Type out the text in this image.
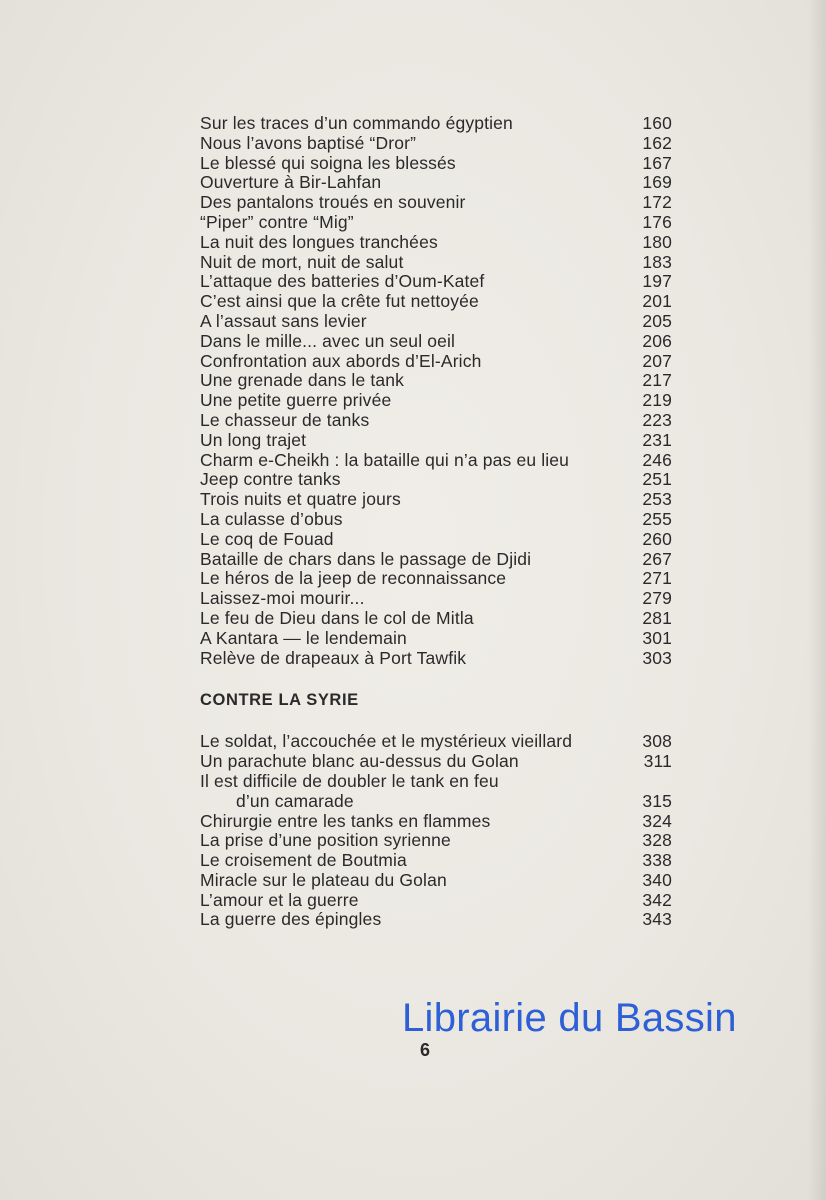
Sur les traces d’un commando égyptien	160
Nous l’avons baptisé “Dror”	162
Le blessé qui soigna les blessés	167
Ouverture à Bir-Lahfan	169
Des pantalons troués en souvenir	172
“Piper” contre “Mig”	176
La nuit des longues tranchées	180
Nuit de mort, nuit de salut	183
L’attaque des batteries d’Oum-Katef	197
C’est ainsi que la crête fut nettoyée	201
A l’assaut sans levier	205
Dans le mille... avec un seul oeil	206
Confrontation aux abords d’El-Arich	207
Une grenade dans le tank	217
Une petite guerre privée	219
Le chasseur de tanks	223
Un long trajet	231
Charm e-Cheikh : la bataille qui n’a pas eu lieu	246
Jeep contre tanks	251
Trois nuits et quatre jours	253
La culasse d’obus	255
Le coq de Fouad	260
Bataille de chars dans le passage de Djidi	267
Le héros de la jeep de reconnaissance	271
Laissez-moi mourir...	279
Le feu de Dieu dans le col de Mitla	281
A Kantara — le lendemain	301
Relève de drapeaux à Port Tawfik	303
CONTRE LA SYRIE
Le soldat, l’accouchée et le mystérieux vieillard	308
Un parachute blanc au-dessus du Golan	311
Il est difficile de doubler le tank en feu
d’un camarade	315
Chirurgie entre les tanks en flammes	324
La prise d’une position syrienne	328
Le croisement de Boutmia	338
Miracle sur le plateau du Golan	340
L’amour et la guerre	342
La guerre des épingles	343
Librairie du Bassin
6
